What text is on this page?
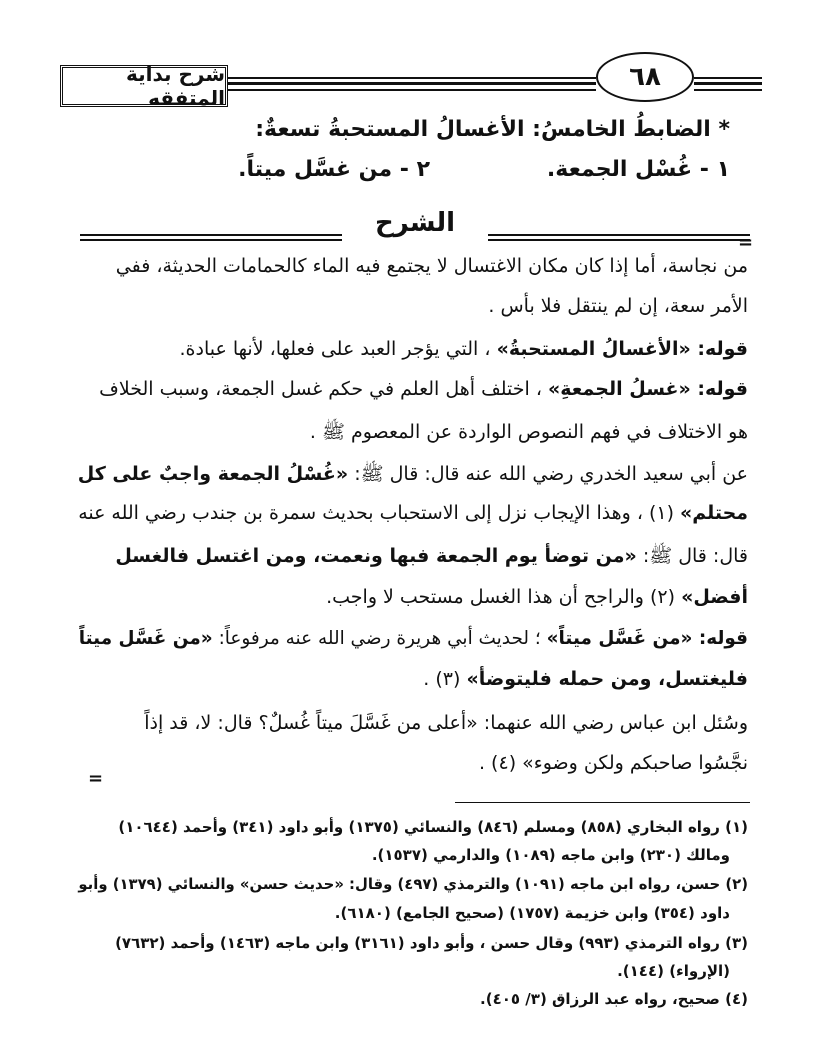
شرح بداية المتفقه
٦٨
* الضابطُ الخامسُ: الأغسالُ المستحبةُ تسعةٌ:
١ - غُسْل الجمعة.
٢ - من غسَّل ميتاً.
الشرح
=
من نجاسة، أما إذا كان مكان الاغتسال لا يجتمع فيه الماء كالحمامات الحديثة، ففي
الأمر سعة، إن لم ينتقل فلا بأس .
قوله: «الأغسالُ المستحبةُ» ، التي يؤجر العبد على فعلها، لأنها عبادة.
قوله: «غسلُ الجمعةِ» ، اختلف أهل العلم في حكم غسل الجمعة، وسبب الخلاف
هو الاختلاف في فهم النصوص الواردة عن المعصوم ﷺ .
عن أبي سعيد الخدري رضي الله عنه قال: قال ﷺ: «غُسْلُ الجمعة واجبٌ على كل
محتلم» (١) ، وهذا الإيجاب نزل إلى الاستحباب بحديث سمرة بن جندب رضي الله عنه
قال: قال ﷺ: «من توضأ يوم الجمعة فبها ونعمت، ومن اغتسل فالغسل
أفضل» (٢) والراجح أن هذا الغسل مستحب لا واجب.
قوله: «من غَسَّل ميتاً» ؛ لحديث أبي هريرة رضي الله عنه مرفوعاً: «من غَسَّل ميتاً
فليغتسل، ومن حمله فليتوضأ» (٣) .
وسُئل ابن عباس رضي الله عنهما: «أعلى من غَسَّلَ ميتاً غُسلٌ؟ قال: لا، قد إذاً
نجَّسُوا صاحبكم ولكن وضوء» (٤) .
=
(١) رواه البخاري (٨٥٨) ومسلم (٨٤٦) والنسائي (١٣٧٥) وأبو داود (٣٤١) وأحمد (١٠٦٤٤)
ومالك (٢٣٠) وابن ماجه (١٠٨٩) والدارمي (١٥٣٧).
(٢) حسن، رواه ابن ماجه (١٠٩١) والترمذي (٤٩٧) وقال: «حديث حسن» والنسائي (١٣٧٩) وأبو
داود (٣٥٤) وابن خزيمة (١٧٥٧) (صحيح الجامع) (٦١٨٠).
(٣) رواه الترمذي (٩٩٣) وقال حسن ، وأبو داود (٣١٦١) وابن ماجه (١٤٦٣) وأحمد (٧٦٣٢)
(الإرواء) (١٤٤).
(٤) صحيح، رواه عبد الرزاق (٣/ ٤٠٥).
